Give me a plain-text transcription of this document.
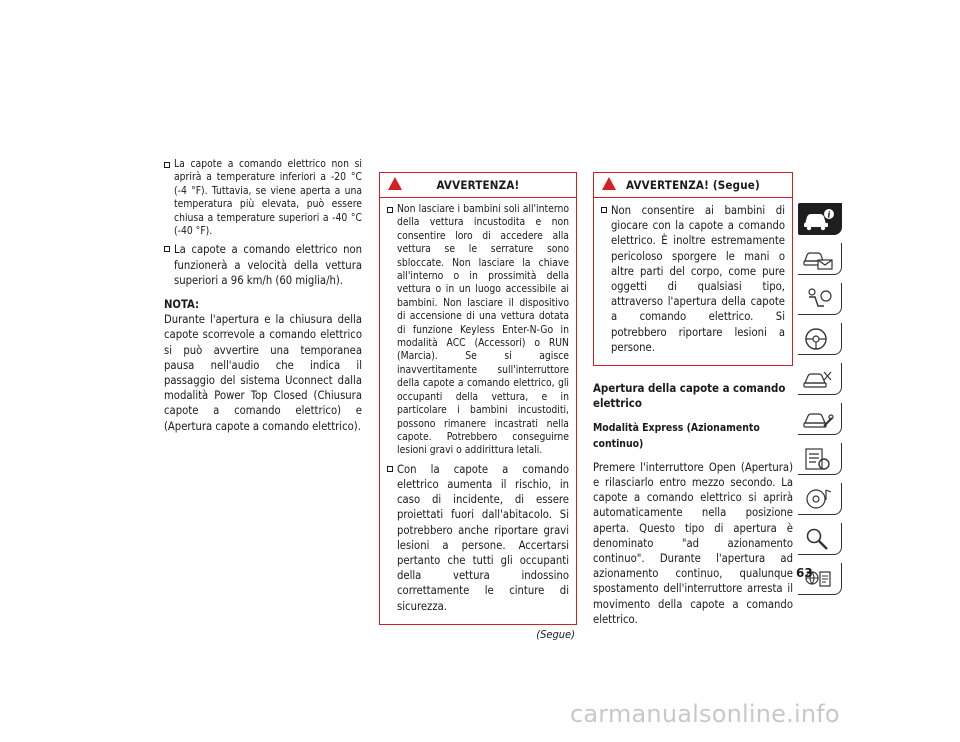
La capote a comando elettrico non si aprirà a temperature inferiori a -20 °C (-4 °F). Tuttavia, se viene aperta a una temperatura più elevata, può essere chiusa a temperature superiori a -40 °C (-40 °F).
La capote a comando elettrico non funzionerà a velocità della vettura superiori a 96 km/h (60 miglia/h).
NOTA:
Durante l'apertura e la chiusura della capote scorrevole a comando elettrico si può avvertire una temporanea pausa nell'audio che indica il passaggio del sistema Uconnect dalla modalità Power Top Closed (Chiusura capote a comando elettrico) e (Apertura capote a comando elettrico).
AVVERTENZA!
Non lasciare i bambini soli all'interno della vettura incustodita e non consentire loro di accedere alla vettura se le serrature sono sbloccate. Non lasciare la chiave all'interno o in prossimità della vettura o in un luogo accessibile ai bambini. Non lasciare il dispositivo di accensione di una vettura dotata di funzione Keyless Enter-N-Go in modalità ACC (Accessori) o RUN (Marcia). Se si agisce inavvertitamente sull'interruttore della capote a comando elettrico, gli occupanti della vettura, e in particolare i bambini incustoditi, possono rimanere incastrati nella capote. Potrebbero conseguirne lesioni gravi o addirittura letali.
Con la capote a comando elettrico aumenta il rischio, in caso di incidente, di essere proiettati fuori dall'abitacolo. Si potrebbero anche riportare gravi lesioni a persone. Accertarsi pertanto che tutti gli occupanti della vettura indossino correttamente le cinture di sicurezza.
(Segue)
AVVERTENZA! (Segue)
Non consentire ai bambini di giocare con la capote a comando elettrico. È inoltre estremamente pericoloso sporgere le mani o altre parti del corpo, come pure oggetti di qualsiasi tipo, attraverso l'apertura della capote a comando elettrico. Si potrebbero riportare lesioni a persone.
Apertura della capote a comando elettrico
Modalità Express (Azionamento continuo)
Premere l'interruttore Open (Apertura) e rilasciarlo entro mezzo secondo. La capote a comando elettrico si aprirà automaticamente nella posizione aperta. Questo tipo di apertura è denominato "ad azionamento continuo". Durante l'apertura ad azionamento continuo, qualunque spostamento dell'interruttore arresta il movimento della capote a comando elettrico.
i
63
carmanualsonline.info
